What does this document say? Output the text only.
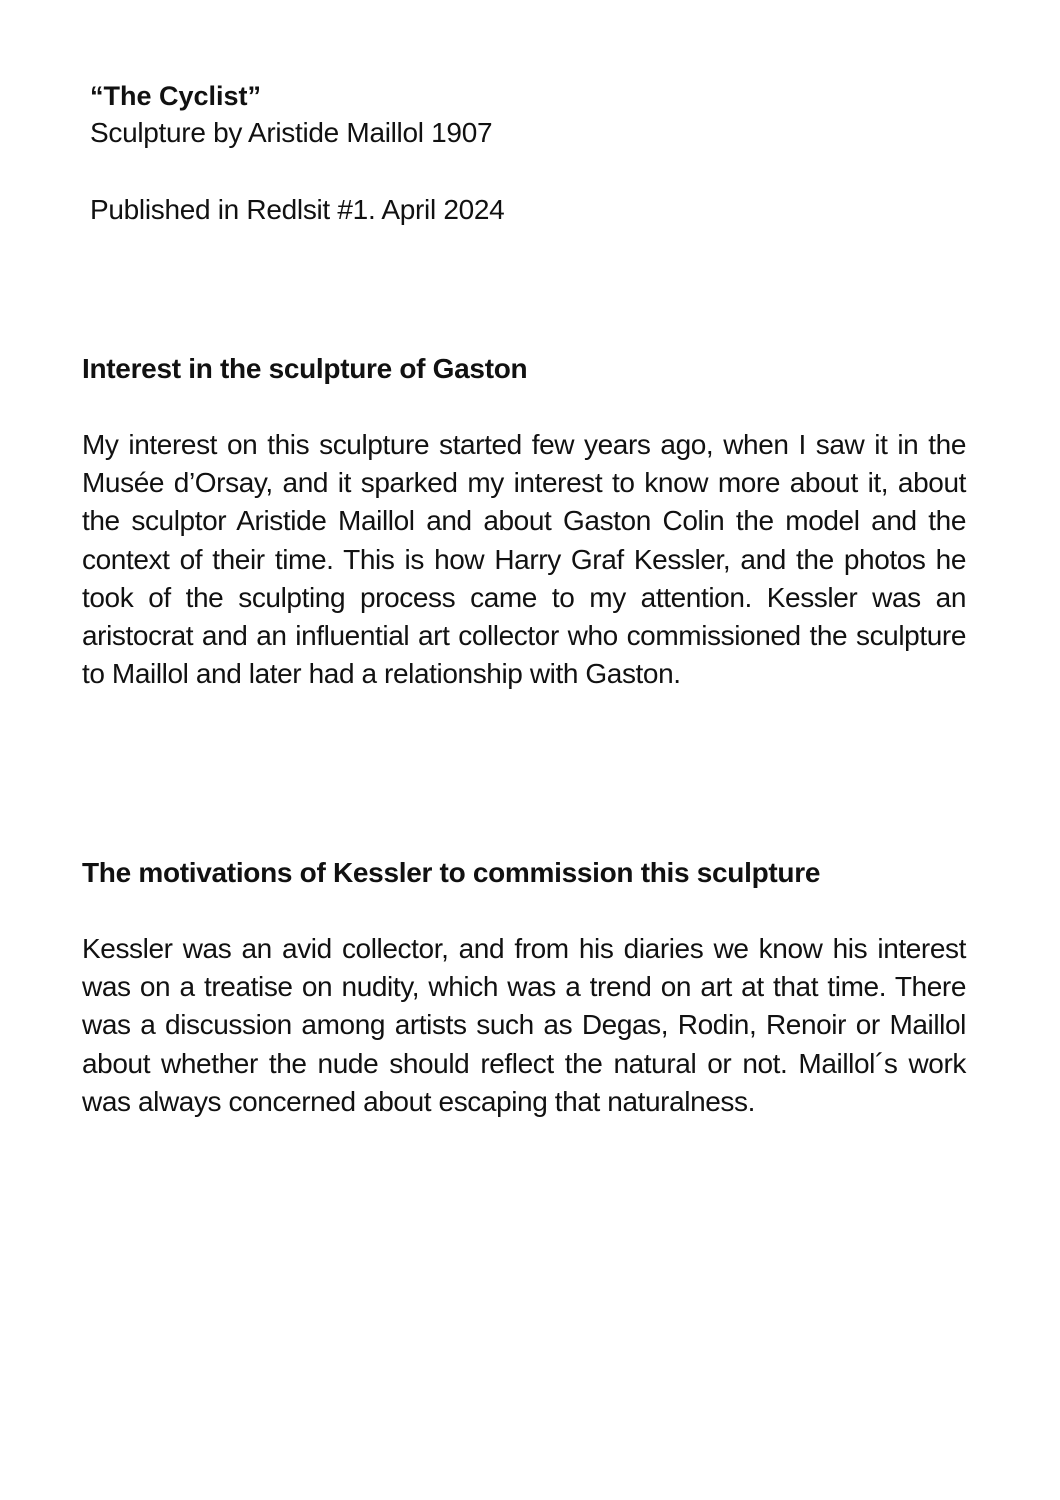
“The Cyclist”

Sculpture by Aristide Maillol 1907

Published in Redlsit #1. April 2024

Interest in the sculpture of Gaston

My interest on this sculpture started few years ago, when I saw it in the Musée d’Orsay, and it sparked my interest to know more about it, about the sculptor Aristide Maillol and about Gaston Colin the model and the context of their time. This is how Harry Graf Kessler, and the photos he took of the sculpting process came to my attention. Kessler was an aristocrat and an influential art collector who commissioned the sculpture to Maillol and later had a relationship with Gaston.

The motivations of Kessler to commission this sculpture

Kessler was an avid collector, and from his diaries we know his interest was on a treatise on nudity, which was a trend on art at that time. There was a discussion among artists such as Degas, Rodin, Renoir or Maillol about whether the nude should reflect the natural or not. Maillol´s work was always concerned about escaping that naturalness.
